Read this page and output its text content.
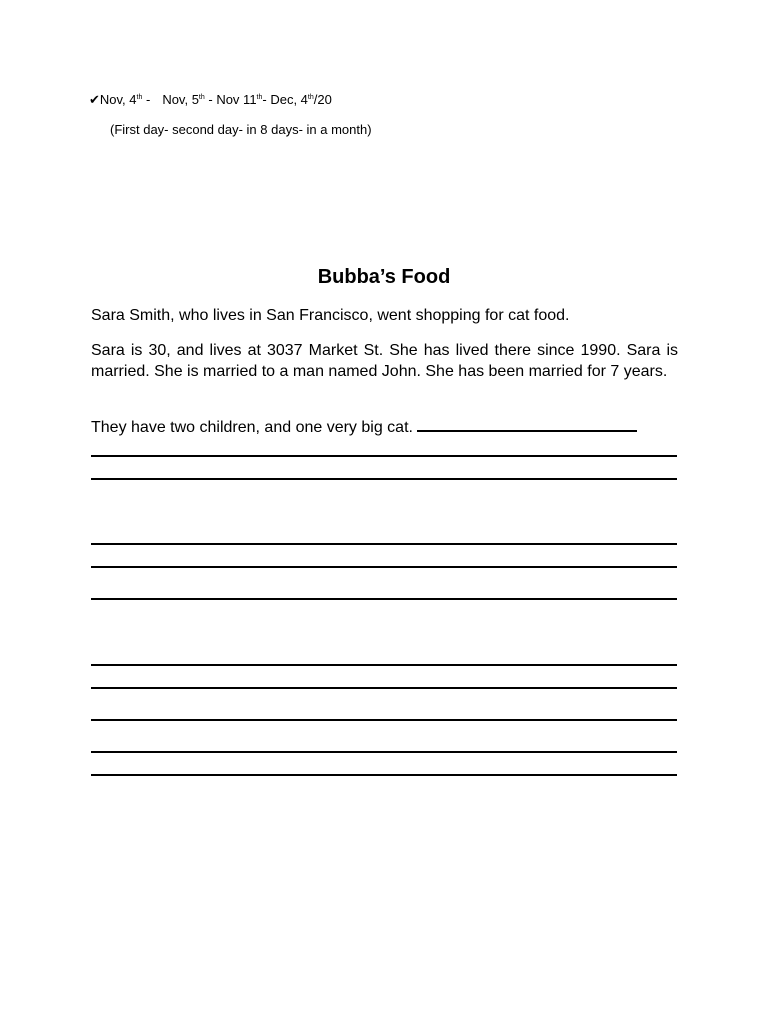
✔Nov, 4th - Nov, 5th - Nov 11th- Dec, 4th/20
(First day- second day- in 8 days- in a month)
Bubba’s Food
Sara Smith, who lives in San Francisco, went shopping for cat food.
Sara is 30, and lives at 3037 Market St. She has lived there since 1990. Sara is married. She is married to a man named John. She has been married for 7 years.
They have two children, and one very big cat.
